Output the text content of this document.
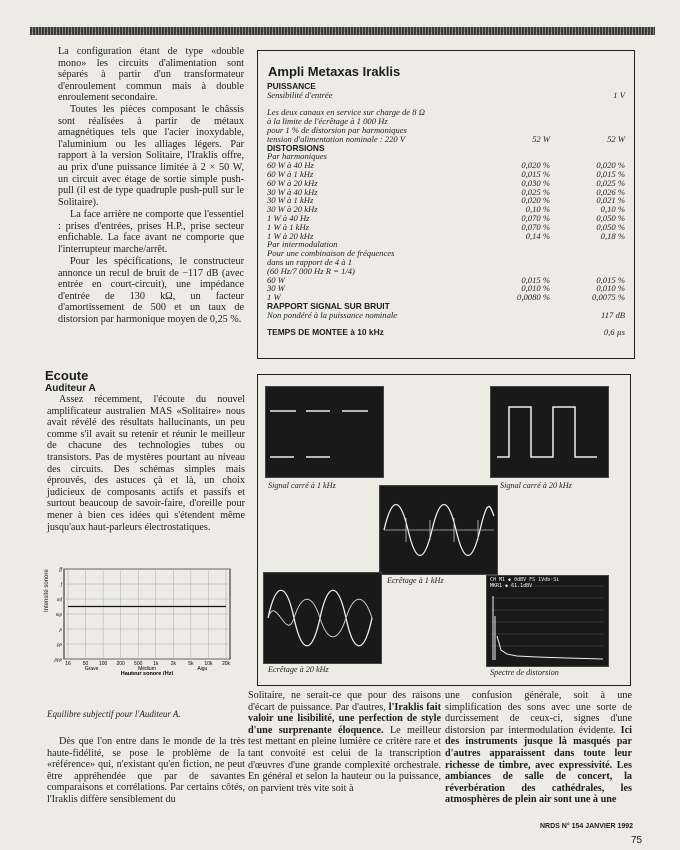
La configuration étant de type «double mono» les circuits d'alimentation sont séparés à partir d'un transformateur d'enroulement commun mais à double enroulement secondaire.

Toutes les pièces composant le châssis sont réalisées à partir de métaux amagnétiques tels que l'acier inoxydable, l'aluminium ou les alliages légers. Par rapport à la version Solitaire, l'Iraklis offre, au prix d'une puissance limitée à 2 × 50 W, un circuit avec étage de sortie simple push-pull (il est de type quadruple push-pull sur le Solitaire).

La face arrière ne comporte que l'essentiel : prises d'entrées, prises H.P., prise secteur enfichable. La face avant ne comporte que l'interrupteur marche/arrêt.

Pour les spécifications, le constructeur annonce un recul de bruit de −117 dB (avec entrée en court-circuit), une impédance d'entrée de 130 kΩ, un facteur d'amortissement de 500 et un taux de distorsion par harmonique moyen de 0,25 %.

Ampli Metaxas Iraklis
PUISSANCE
Sensibilité d'entrée	1 V
Les deux canaux en service sur charge de 8 Ω
à la limite de l'écrêtage à 1 000 Hz
pour 1 % de distorsion par harmoniques
tension d'alimentation nominale : 220 V	52 W	52 W
DISTORSIONS
Par harmoniques
60 W à 40 Hz	0,020 %	0,020 %
60 W à 1 kHz	0,015 %	0,015 %
60 W à 20 kHz	0,030 %	0,025 %
30 W à 40 kHz	0,025 %	0,026 %
30 W à 1 kHz	0,020 %	0,021 %
30 W à 20 kHz	0,10 %	0,10 %
1 W à 40 Hz	0,070 %	0,050 %
1 W à 1 kHz	0,070 %	0,050 %
1 W à 20 kHz	0,14 %	0,18 %
Par intermodulation
Pour une combinaison de fréquences
dans un rapport de 4 à 1
(60 Hz/7 000 Hz R = 1/4)
60 W	0,015 %	0,015 %
30 W	0,010 %	0,010 %
1 W	0,0080 %	0,0075 %
RAPPORT SIGNAL SUR BRUIT
Non pondéré à la puissance nominale	117 dB
TEMPS DE MONTEE à 10 kHz	0,6 µs
Ecoute
Auditeur A

Assez récemment, l'écoute du nouvel amplificateur australien MAS «Solitaire» nous avait révélé des résultats hallucinants, un peu comme s'il avait su retenir et réunir le meilleur de chacune des technologies tubes ou transistors. Pas de mystères pourtant au niveau des circuits. Des schémas simples mais éprouvés, des astuces çà et là, un choix judicieux de composants actifs et passifs et surtout beaucoup de savoir-faire, d'oreille pour mener à bien ces idées qui s'étendent même jusqu'aux haut-parleurs électrostatiques.

Intensité sonore ff
f
mf
mp
p
pp
ppp
16 50 100 200 500 1k 2k 5k 10k 20k
Grave	Médium	Aigu
Hauteur sonore (Hz)
Equilibre subjectif pour l'Auditeur A.
Signal carré à 1 kHz	Signal carré à 20 kHz
Ecrêtage à 1 kHz
Ecrêtage à 20 kHz
CH M1 ◆ 0dBV FS 1Vdb·Si
MKR1 ◆ 61.1dBV
Spectre de distorsion

Dès que l'on entre dans le monde de la très haute-fidélité, se pose le problème de la «référence» qui, n'existant qu'en fiction, ne peut être appréhendée que par de savantes comparaisons et corrélations. Par certains côtés, l'Iraklis diffère sensiblement du

Solitaire, ne serait-ce que pour des raisons d'écart de puissance. Par d'autres, l'Iraklis fait valoir une lisibilité, une perfection de style d'une surprenante éloquence. Le meilleur test mettant en pleine lumière ce critère rare et tant convoité est celui de la transcription d'œuvres d'une grande complexité orchestrale. En général et selon la hauteur ou la puissance, on parvient très vite soit à

une confusion générale, soit à une simplification des sons avec une sorte de durcissement de ceux-ci, signes d'une distorsion par intermodulation évidente. Ici des instruments jusque là masqués par d'autres apparaissent dans toute leur richesse de timbre, avec expressivité. Les ambiances de salle de concert, la réverbération des cathédrales, les atmosphères de plein air sont une à une

NRDS N° 154 JANVIER 1992
75
